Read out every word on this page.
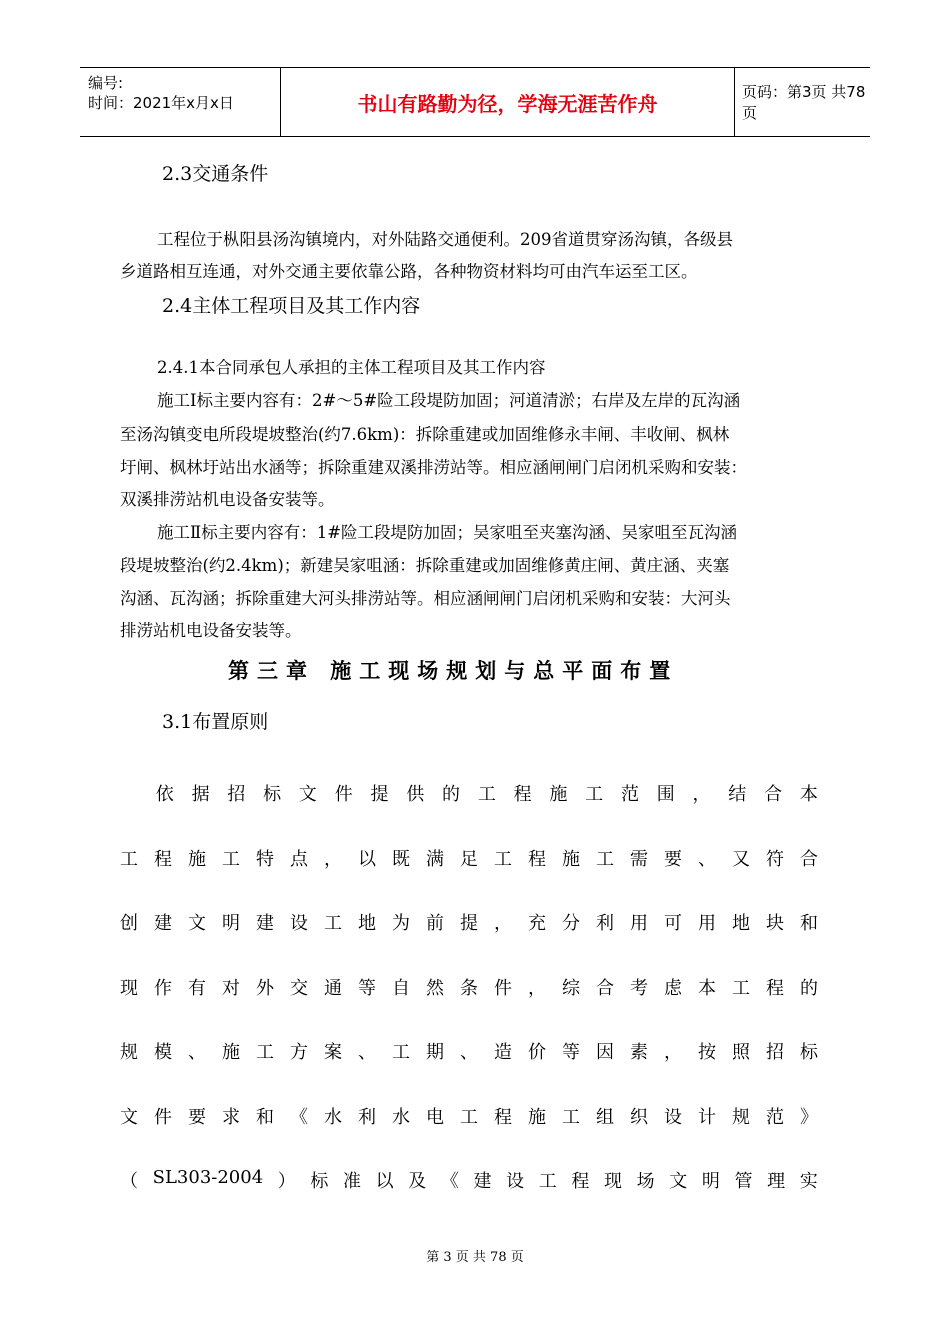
编号:
时间：2021年x月x日	书山有路勤为径，学海无涯苦作舟	页码：第3页 共78页
2.3交通条件
工程位于枞阳县汤沟镇境内，对外陆路交通便利。209省道贯穿汤沟镇，各级县
乡道路相互连通，对外交通主要依靠公路，各种物资材料均可由汽车运至工区。
2.4主体工程项目及其工作内容
2.4.1本合同承包人承担的主体工程项目及其工作内容
施工Ⅰ标主要内容有：2#～5#险工段堤防加固；河道清淤；右岸及左岸的瓦沟涵
至汤沟镇变电所段堤坡整治(约7.6km)：拆除重建或加固维修永丰闸、丰收闸、枫林
圩闸、枫林圩站出水涵等；拆除重建双溪排涝站等。相应涵闸闸门启闭机采购和安装：
双溪排涝站机电设备安装等。
施工Ⅱ标主要内容有：1#险工段堤防加固；吴家咀至夹塞沟涵、吴家咀至瓦沟涵
段堤坡整治(约2.4km)；新建吴家咀涵：拆除重建或加固维修黄庄闸、黄庄涵、夹塞
沟涵、瓦沟涵；拆除重建大河头排涝站等。相应涵闸闸门启闭机采购和安装：大河头
排涝站机电设备安装等。
第三章 施工现场规划与总平面布置
3.1布置原则

依 据 招 标 文 件 提 供 的 工 程 施 工 范 围 ， 结 合 本
工 程 施 工 特 点 ， 以 既 满 足 工 程 施 工 需 要 、 又 符 合
创 建 文 明 建 设 工 地 为 前 提 ， 充 分 利 用 可 用 地 块 和
现 作 有 对 外 交 通 等 自 然 条 件 ， 综 合 考 虑 本 工 程 的
规 模 、 施 工 方 案 、 工 期 、 造 价 等 因 素 ， 按 照 招 标
文 件 要 求 和 《 水 利 水 电 工 程 施 工 组 织 设 计 规 范 》
（ SL303-2004 ） 标 准 以 及 《 建 设 工 程 现 场 文 明 管 理 实
第 3 页 共 78 页
